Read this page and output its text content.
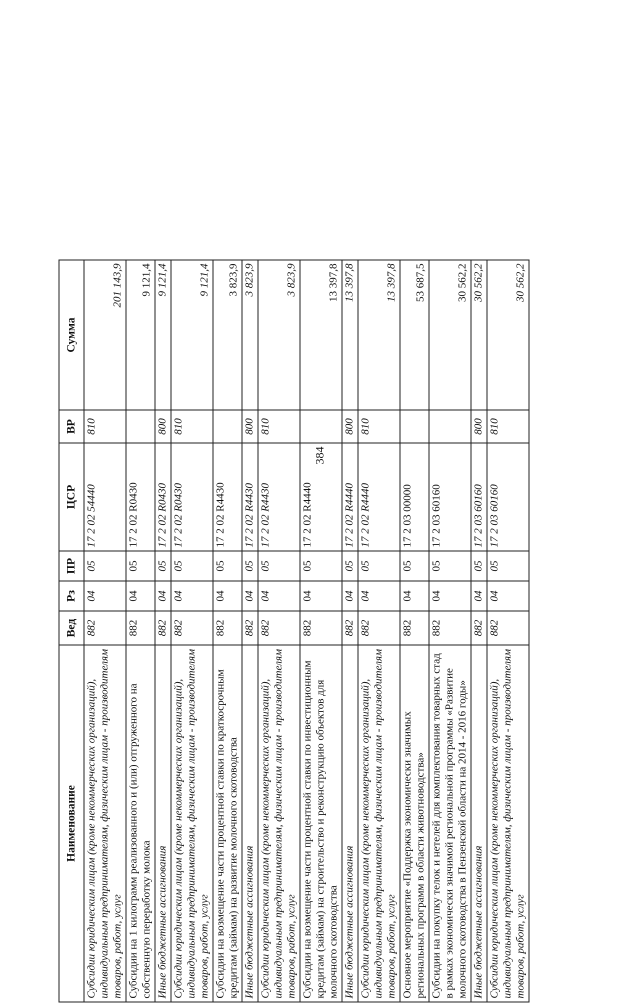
384
Наименование	Вед	Рз	ПР	ЦСР	ВР	Сумма
Субсидии юридическим лицам (кроме некоммерческих организаций), индивидуальным предпринимателям, физическим лицам - производителям товаров, работ, услуг	882	04	05	17 2 02 54440	810	201 143,9
Субсидии на 1 килограмм реализованного и (или) отгруженного на собственную переработку молока	882	04	05	17 2 02 R0430		9 121,4
Иные бюджетные ассигнования	882	04	05	17 2 02 R0430	800	9 121,4
Субсидии юридическим лицам (кроме некоммерческих организаций), индивидуальным предпринимателям, физическим лицам - производителям товаров, работ, услуг	882	04	05	17 2 02 R0430	810	9 121,4
Субсидии на возмещение части процентной ставки по краткосрочным кредитам (займам) на развитие молочного скотоводства	882	04	05	17 2 02 R4430		3 823,9
Иные бюджетные ассигнования	882	04	05	17 2 02 R4430	800	3 823,9
Субсидии юридическим лицам (кроме некоммерческих организаций), индивидуальным предпринимателям, физическим лицам - производителям товаров, работ, услуг	882	04	05	17 2 02 R4430	810	3 823,9
Субсидии на возмещение части процентной ставки по инвестиционным кредитам (займам) на строительство и реконструкцию объектов для молочного скотоводства	882	04	05	17 2 02 R4440		13 397,8
Иные бюджетные ассигнования	882	04	05	17 2 02 R4440	800	13 397,8
Субсидии юридическим лицам (кроме некоммерческих организаций), индивидуальным предпринимателям, физическим лицам - производителям товаров, работ, услуг	882	04	05	17 2 02 R4440	810	13 397,8
Основное мероприятие «Поддержка экономически значимых региональных программ в области животноводства»	882	04	05	17 2 03 00000		53 687,5
Субсидии на покупку телок и нетелей для комплектования товарных стад в рамках экономически значимой региональной программы «Развитие молочного скотоводства в Пензенской области на 2014 - 2016 годы»	882	04	05	17 2 03 60160		30 562,2
Иные бюджетные ассигнования	882	04	05	17 2 03 60160	800	30 562,2
Субсидии юридическим лицам (кроме некоммерческих организаций), индивидуальным предпринимателям, физическим лицам - производителям товаров, работ, услуг	882	04	05	17 2 03 60160	810	30 562,2
